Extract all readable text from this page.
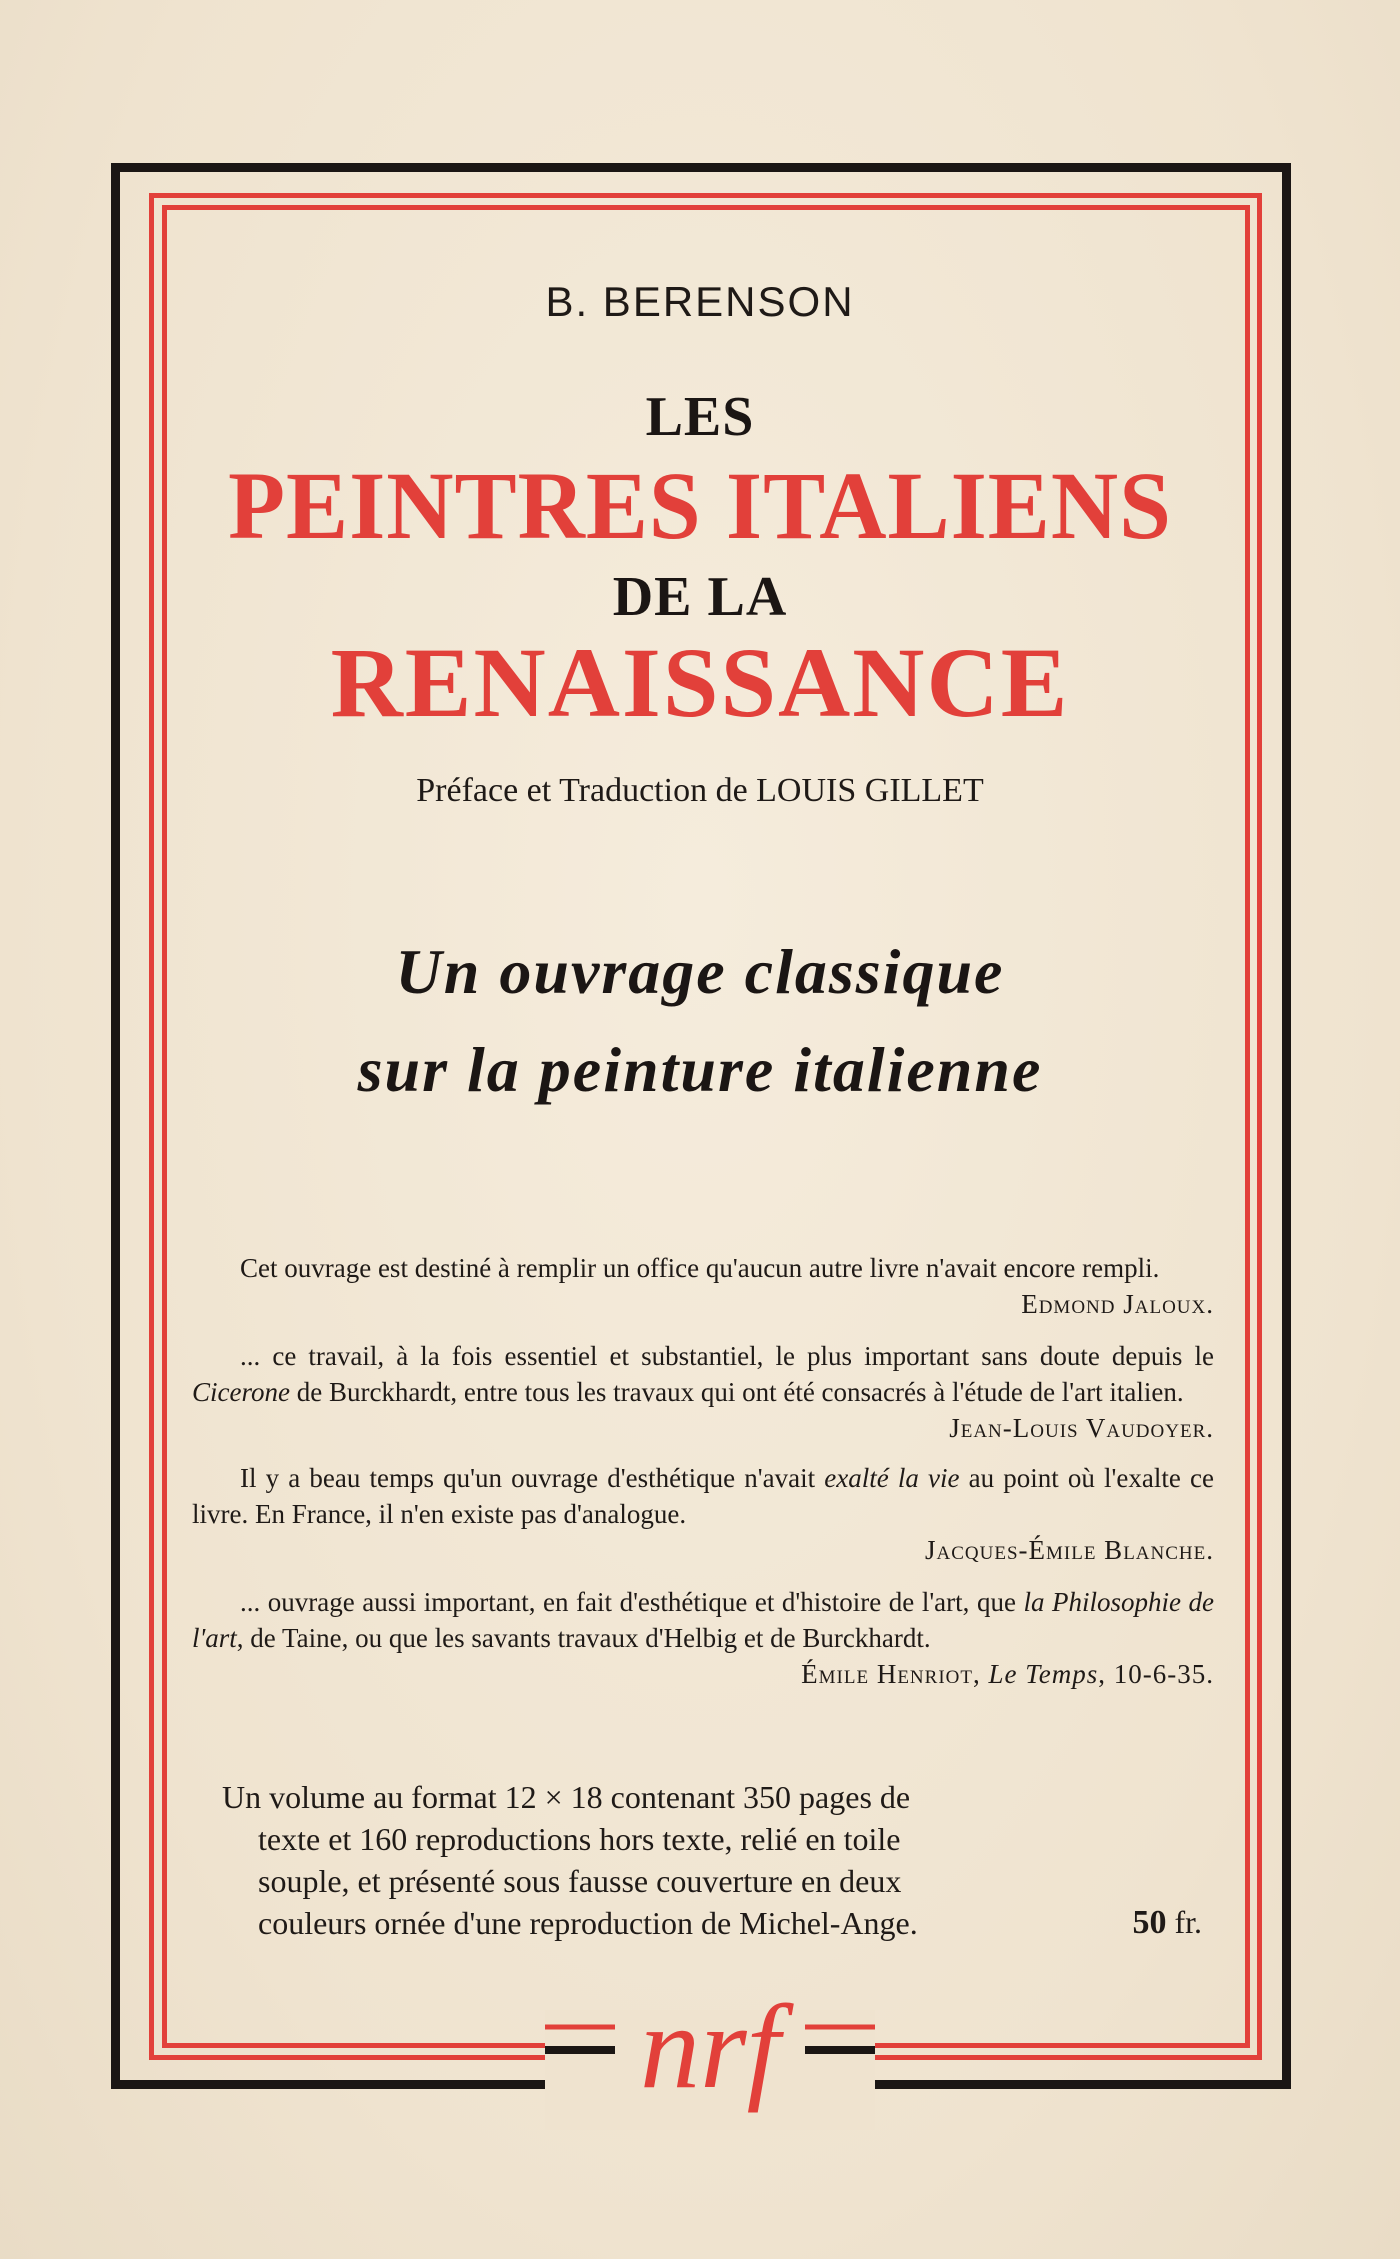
B. BERENSON
LES
PEINTRES ITALIENS
DE LA
RENAISSANCE
Préface et Traduction de LOUIS GILLET
Un ouvrage classique
sur la peinture italienne

Cet ouvrage est destiné à remplir un office qu'aucun autre livre n'avait encore rempli.
Edmond Jaloux.

... ce travail, à la fois essentiel et substantiel, le plus important sans doute depuis le Cicerone de Burckhardt, entre tous les travaux qui ont été consacrés à l'étude de l'art italien.
Jean-Louis Vaudoyer.

Il y a beau temps qu'un ouvrage d'esthétique n'avait exalté la vie au point où l'exalte ce livre. En France, il n'en existe pas d'analogue.

Jacques-Émile Blanche.

... ouvrage aussi important, en fait d'esthétique et d'histoire de l'art, que la Philosophie de l'art, de Taine, ou que les savants travaux d'Helbig et de Burckhardt.
Émile Henriot, Le Temps, 10-6-35.

Un volume au format 12 × 18 contenant 350 pages de
texte et 160 reproductions hors texte, relié en toile
souple, et présenté sous fausse couverture en deux
couleurs ornée d'une reproduction de Michel-Ange.	50 fr.
nrf
